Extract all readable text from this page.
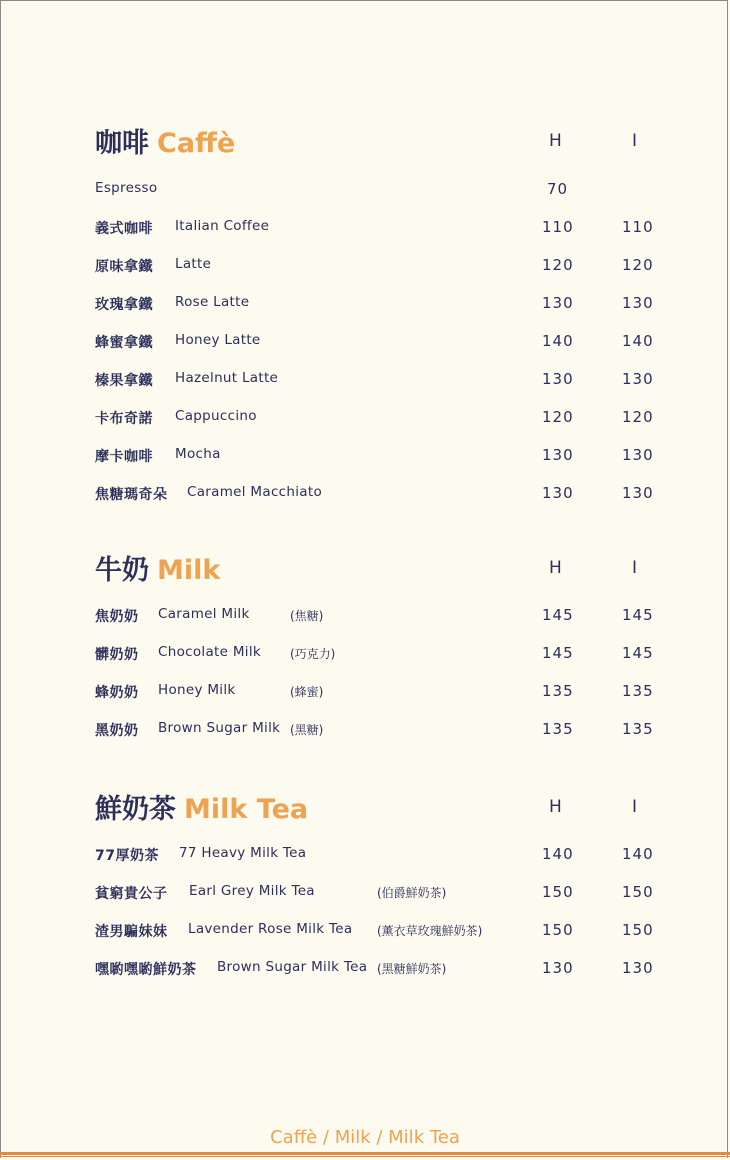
咖啡 Caffè	H	I
Espresso	70
義式咖啡 Italian Coffee	110	110
原味拿鐵 Latte	120	120
玫瑰拿鐵 Rose Latte	130	130
蜂蜜拿鐵 Honey Latte	140	140
榛果拿鐵 Hazelnut Latte	130	130
卡布奇諾 Cappuccino	120	120
摩卡咖啡 Mocha	130	130
焦糖瑪奇朵 Caramel Macchiato	130	130
牛奶 Milk	H	I
焦奶奶 Caramel Milk	(焦糖)	145	145
髒奶奶 Chocolate Milk (巧克力)	145	145
蜂奶奶 Honey Milk	(蜂蜜)	135	135
黑奶奶 Brown Sugar Milk (黑糖)	135	135
鮮奶茶 Milk Tea	H	I
77厚奶茶 77 Heavy Milk Tea	140	140
貧窮貴公子 Earl Grey Milk Tea	(伯爵鮮奶茶)	150	150
渣男騙妹妹 Lavender Rose Milk Tea (薰衣草玫瑰鮮奶茶)	150	150
嘿喲嘿喲鮮奶茶 Brown Sugar Milk Tea (黑糖鮮奶茶)	130	130
Caffè / Milk / Milk Tea
